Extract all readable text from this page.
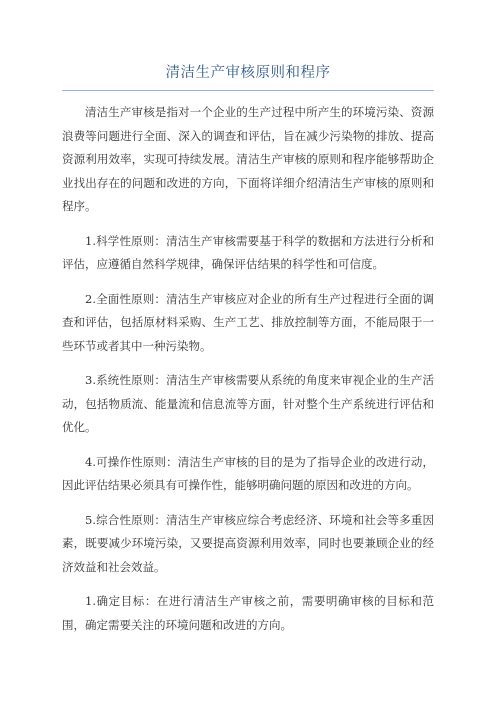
清洁生产审核原则和程序

清洁生产审核是指对一个企业的生产过程中所产生的环境污染、资源浪费等问题进行全面、深入的调查和评估，旨在减少污染物的排放、提高资源利用效率，实现可持续发展。清洁生产审核的原则和程序能够帮助企业找出存在的问题和改进的方向，下面将详细介绍清洁生产审核的原则和程序。

1.科学性原则：清洁生产审核需要基于科学的数据和方法进行分析和评估，应遵循自然科学规律，确保评估结果的科学性和可信度。

2.全面性原则：清洁生产审核应对企业的所有生产过程进行全面的调查和评估，包括原材料采购、生产工艺、排放控制等方面，不能局限于一些环节或者其中一种污染物。

3.系统性原则：清洁生产审核需要从系统的角度来审视企业的生产活动，包括物质流、能量流和信息流等方面，针对整个生产系统进行评估和优化。

4.可操作性原则：清洁生产审核的目的是为了指导企业的改进行动，因此评估结果必须具有可操作性，能够明确问题的原因和改进的方向。

5.综合性原则：清洁生产审核应综合考虑经济、环境和社会等多重因素，既要减少环境污染，又要提高资源利用效率，同时也要兼顾企业的经济效益和社会效益。

1.确定目标：在进行清洁生产审核之前，需要明确审核的目标和范围，确定需要关注的环境问题和改进的方向。
